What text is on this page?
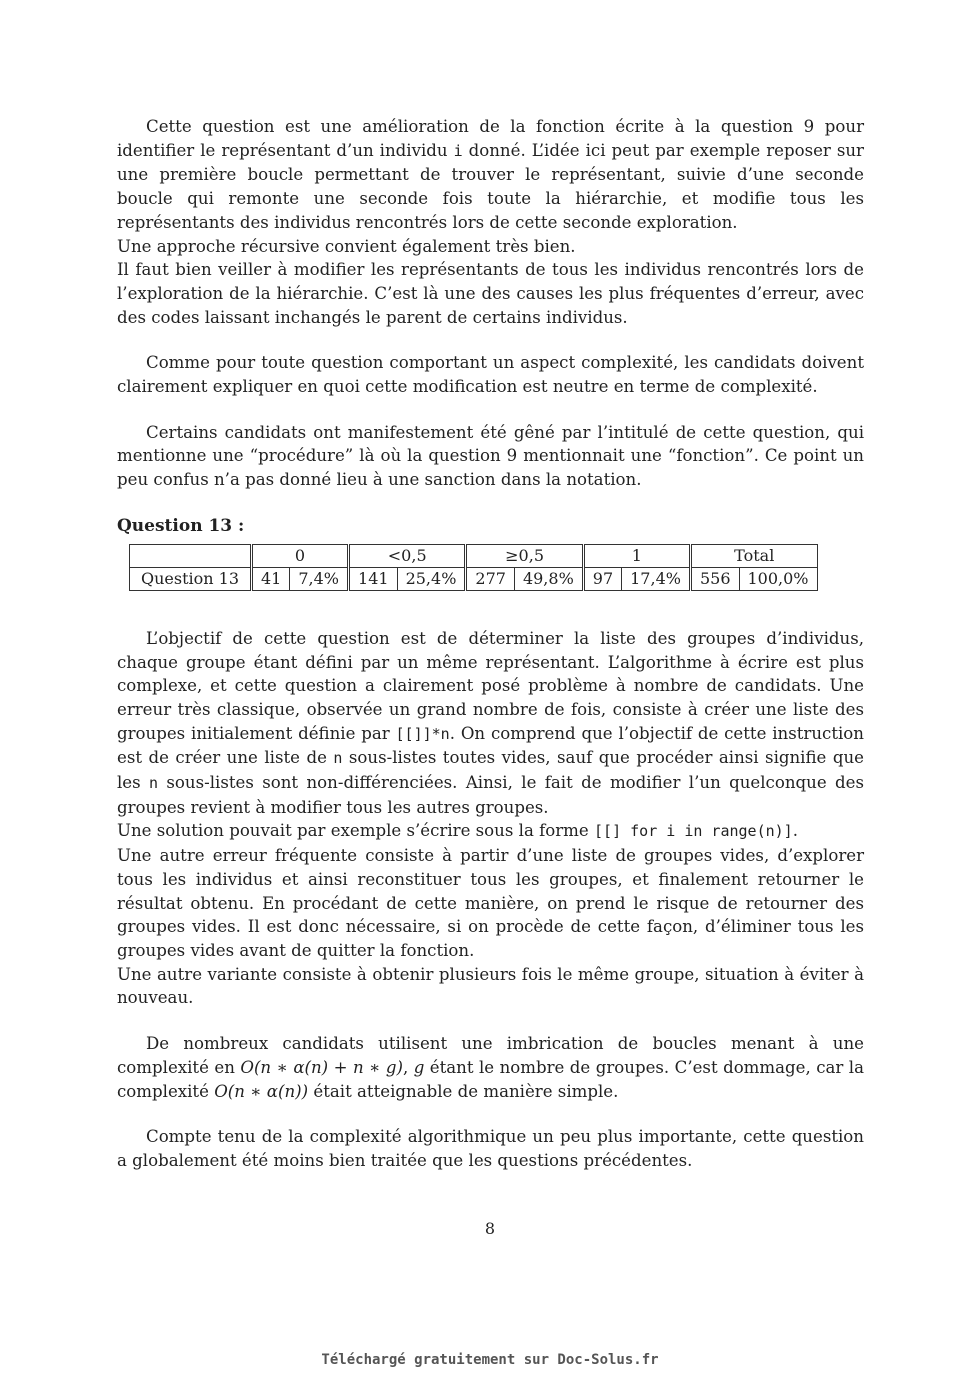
Cette question est une amélioration de la fonction écrite à la question 9 pour identifier le représentant d’un individu i donné. L’idée ici peut par exemple reposer sur une première boucle permettant de trouver le représentant, suivie d’une seconde boucle qui remonte une seconde fois toute la hiérarchie, et modifie tous les représentants des individus rencontrés lors de cette seconde exploration.

Une approche récursive convient également très bien.

Il faut bien veiller à modifier les représentants de tous les individus rencontrés lors de l’exploration de la hiérarchie. C’est là une des causes les plus fréquentes d’erreur, avec des codes laissant inchangés le parent de certains individus.

Comme pour toute question comportant un aspect complexité, les candidats doivent clairement expliquer en quoi cette modification est neutre en terme de complexité.

Certains candidats ont manifestement été gêné par l’intitulé de cette question, qui mentionne une “procédure” là où la question 9 mentionnait une “fonction”. Ce point un peu confus n’a pas donné lieu à une sanction dans la notation.

Question 13 :
	0		<0,5		≥0,5		1		Total	
Question 13	41	7,4%	141	25,4%	277	49,8%	97	17,4%	556	100,0%

L’objectif de cette question est de déterminer la liste des groupes d’individus, chaque groupe étant défini par un même représentant. L’algorithme à écrire est plus complexe, et cette question a clairement posé problème à nombre de candidats. Une erreur très classique, observée un grand nombre de fois, consiste à créer une liste des groupes initialement définie par [[]]*n. On comprend que l’objectif de cette instruction est de créer une liste de n sous-listes toutes vides, sauf que procéder ainsi signifie que les n sous-listes sont non-différenciées. Ainsi, le fait de modifier l’un quelconque des groupes revient à modifier tous les autres groupes.

Une solution pouvait par exemple s’écrire sous la forme [[] for i in range(n)].

Une autre erreur fréquente consiste à partir d’une liste de groupes vides, d’explorer tous les individus et ainsi reconstituer tous les groupes, et finalement retourner le résultat obtenu. En procédant de cette manière, on prend le risque de retourner des groupes vides. Il est donc nécessaire, si on procède de cette façon, d’éliminer tous les groupes vides avant de quitter la fonction.

Une autre variante consiste à obtenir plusieurs fois le même groupe, situation à éviter à nouveau.

De nombreux candidats utilisent une imbrication de boucles menant à une complexité en O(n ∗ α(n) + n ∗ g), g étant le nombre de groupes. C’est dommage, car la complexité O(n ∗ α(n)) était atteignable de manière simple.

Compte tenu de la complexité algorithmique un peu plus importante, cette question a globalement été moins bien traitée que les questions précédentes.

8
Téléchargé gratuitement sur Doc-Solus.fr
